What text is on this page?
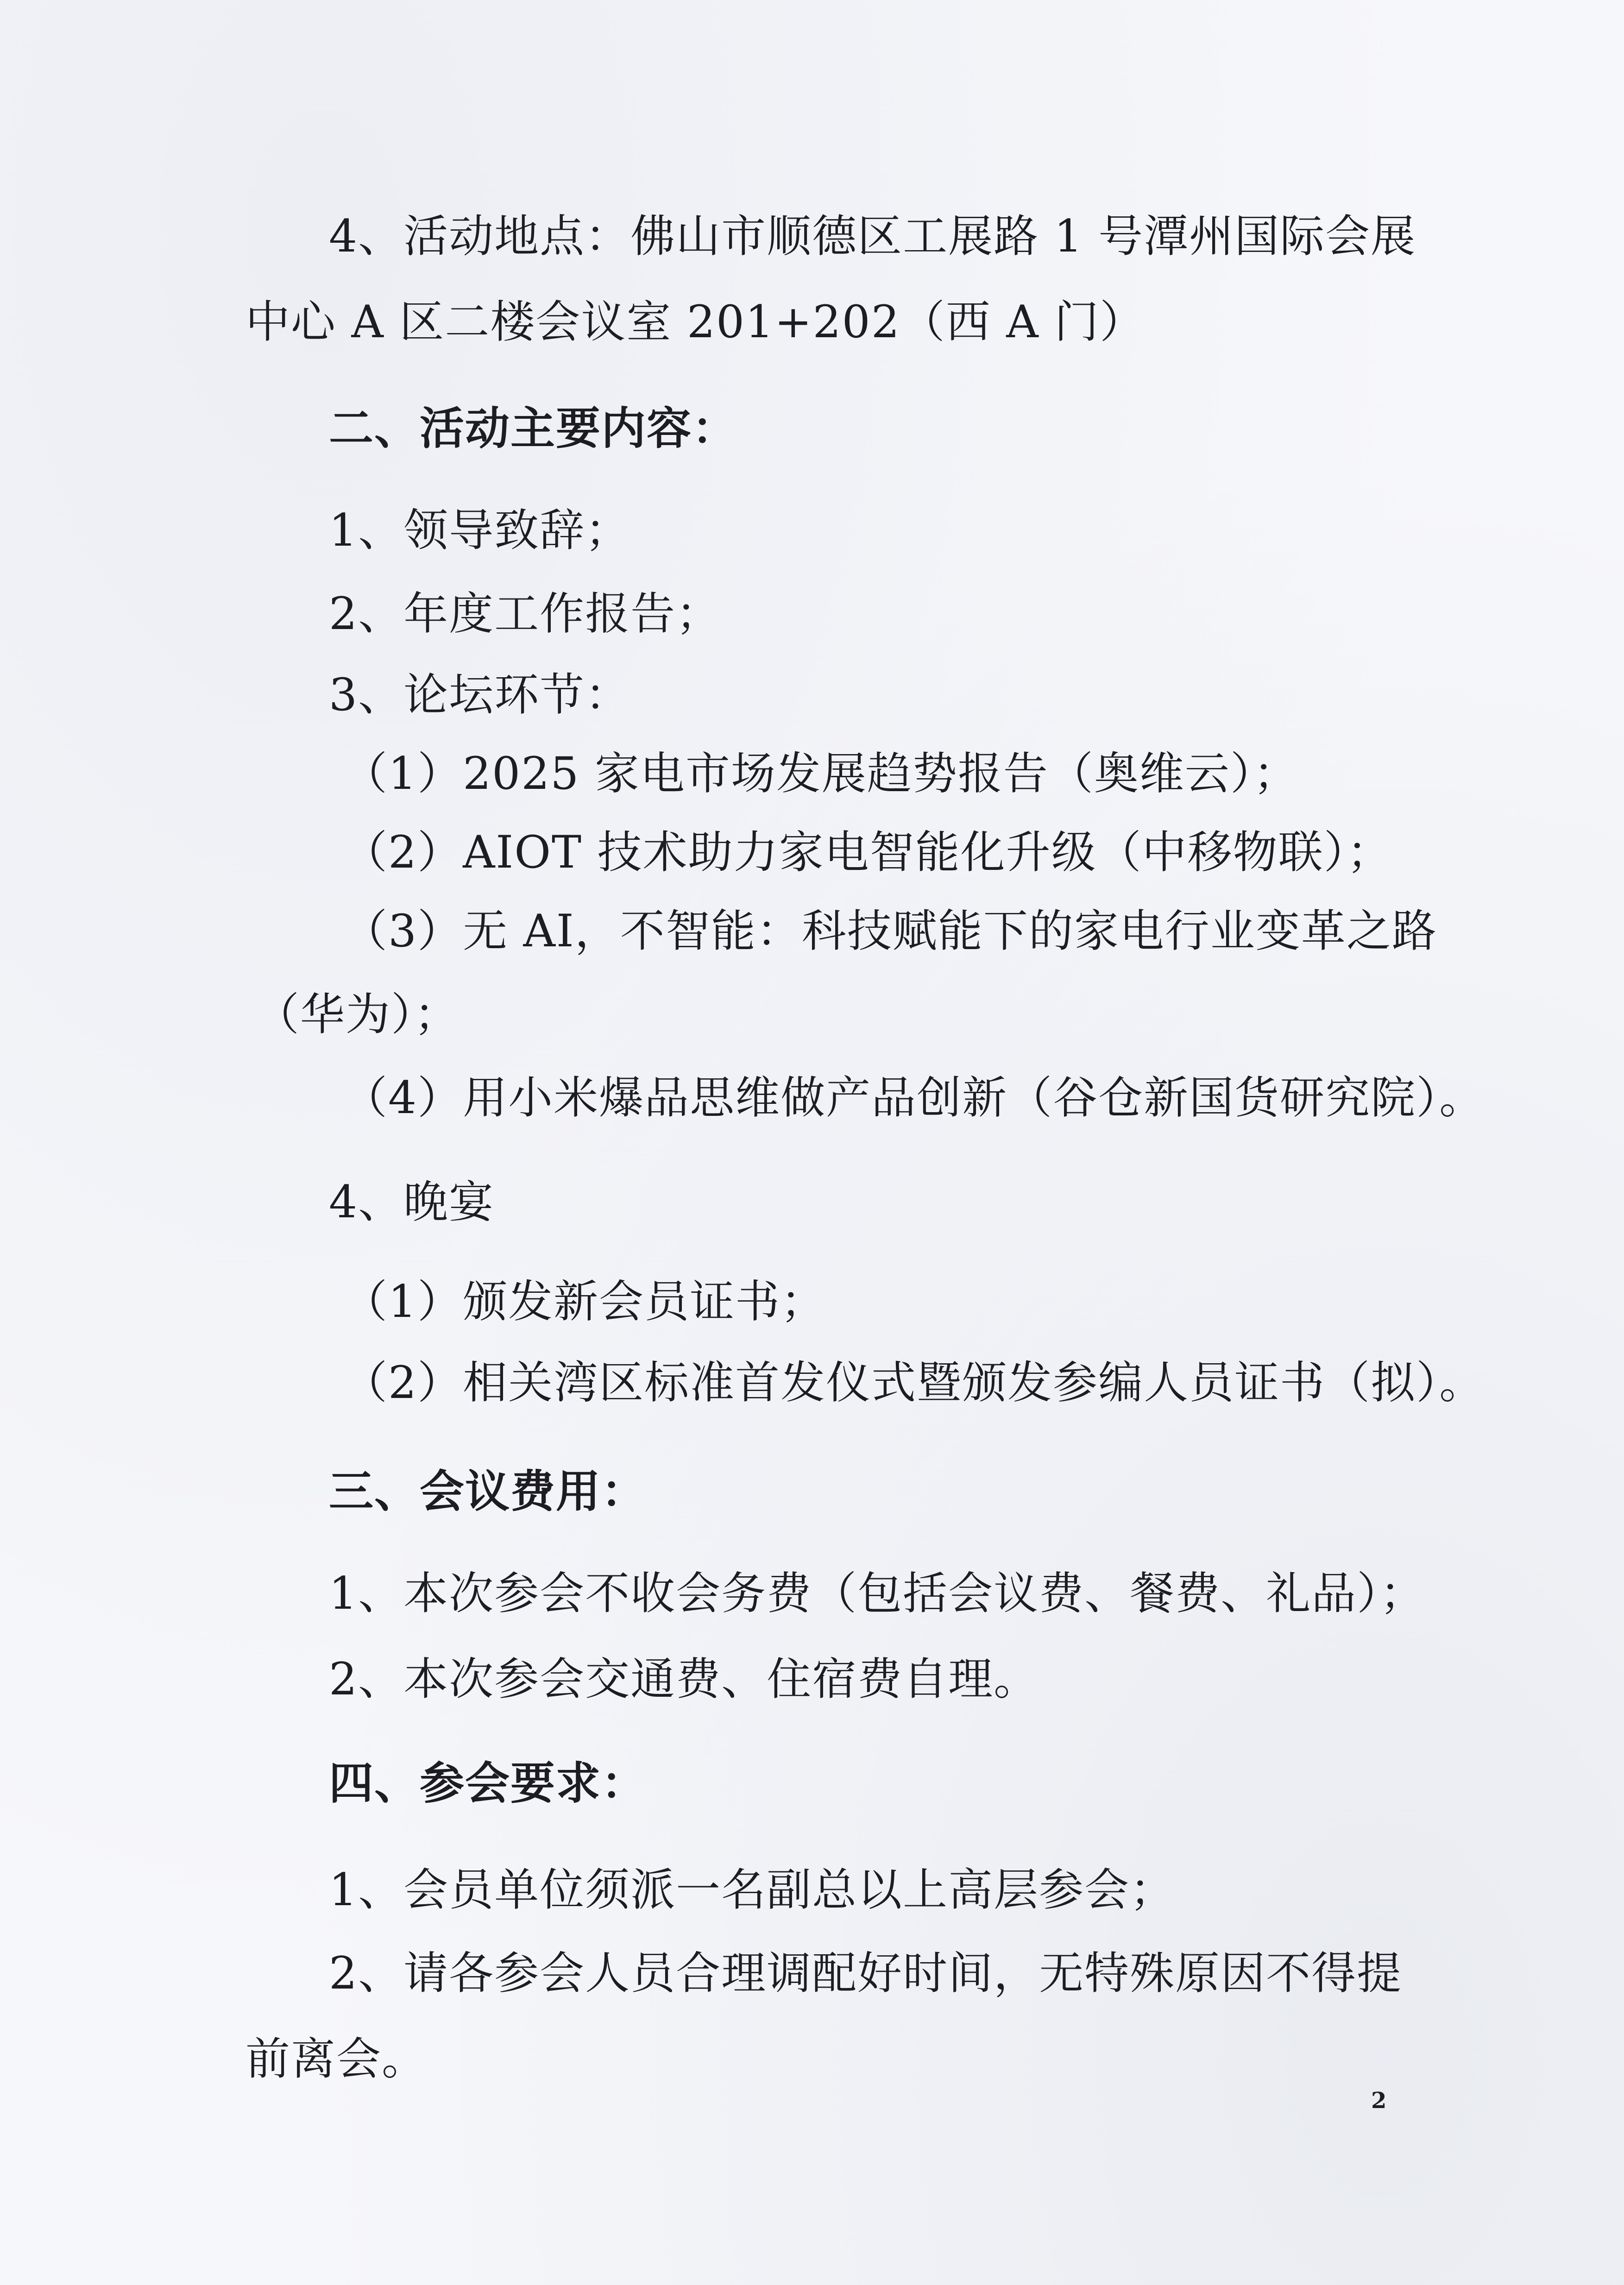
4、活动地点：佛山市顺德区工展路 1 号潭州国际会展
中心 A 区二楼会议室 201+202（西 A 门）
二、活动主要内容：
1、领导致辞；
2、年度工作报告；
3、论坛环节：
（1）2025 家电市场发展趋势报告（奥维云）；
（2）AIOT 技术助力家电智能化升级（中移物联）；
（3）无 AI，不智能：科技赋能下的家电行业变革之路
（华为）；
（4）用小米爆品思维做产品创新（谷仓新国货研究院）。
4、晚宴
（1）颁发新会员证书；
（2）相关湾区标准首发仪式暨颁发参编人员证书（拟）。
三、会议费用：
1、本次参会不收会务费（包括会议费、餐费、礼品）；
2、本次参会交通费、住宿费自理。
四、参会要求：
1、会员单位须派一名副总以上高层参会；
2、请各参会人员合理调配好时间，无特殊原因不得提
前离会。
2
